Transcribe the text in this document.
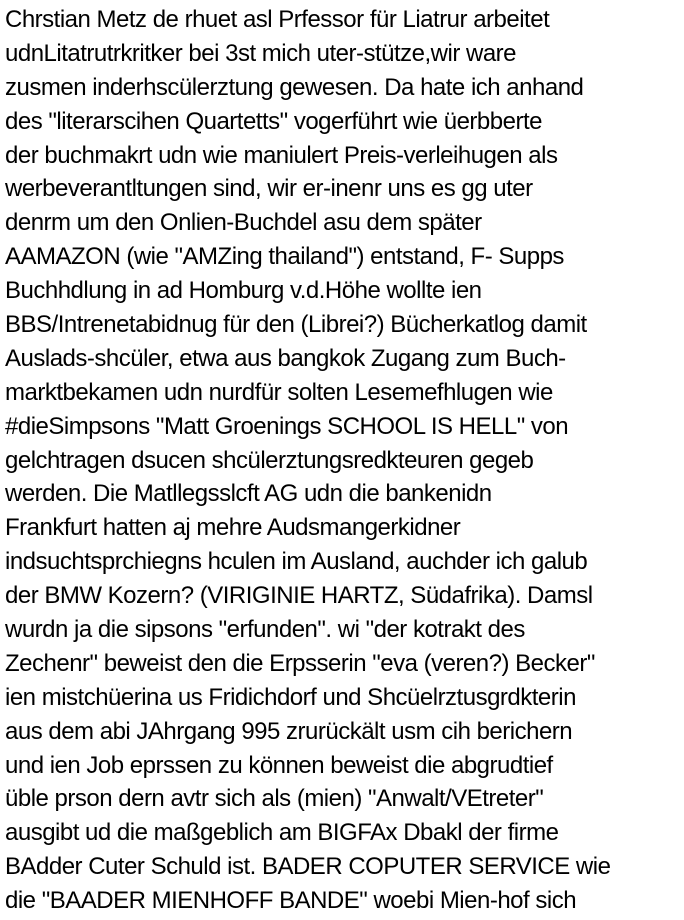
Chrstian Metz de rhuet asl Prfessor für Liatrur arbeitet
udnLitatrutrkritker bei 3st mich uter-stütze,wir ware
zusmen inderhscülerztung gewesen. Da hate ich anhand
des "literarscihen Quartetts" vogerführt wie üerbberte
der buchmakrt udn wie maniulert Preis-verleihugen als
werbeverantltungen sind, wir er-inenr uns es gg uter
denrm um den Onlien-Buchdel asu dem später
AAMAZON (wie "AMZing thailand") entstand, F- Supps
Buchhdlung in ad Homburg v.d.Höhe wollte ien
BBS/Intrenetabidnug für den (Librei?) Bücherkatlog damit
Auslads-shcüler, etwa aus bangkok Zugang zum Buch-
marktbekamen udn nurdfür solten Lesemefhlugen wie
#dieSimpsons "Matt Groenings SCHOOL IS HELL" von
gelchtragen dsucen shcülerztungsredkteuren gegeb
werden. Die Matllegsslcft AG udn die bankenidn
Frankfurt hatten aj mehre Audsmangerkidner
indsuchtsprchiegns hculen im Ausland, auchder ich galub
der BMW Kozern? (VIRIGINIE HARTZ, Südafrika). Damsl
wurdn ja die sipsons "erfunden". wi "der kotrakt des
Zechenr" beweist den die Erpsserin "eva (veren?) Becker"
ien mistchüerina us Fridichdorf und Shcüelrztusgrdkterin
aus dem abi JAhrgang 995 zrurückält usm cih berichern
und ien Job eprssen zu können beweist die abgrudtief
üble prson dern avtr sich als (mien) "Anwalt/VEtreter"
ausgibt ud die maßgeblich am BIGFAx Dbakl der firme
BAdder Cuter Schuld ist. BADER COPUTER SERVICE wie
die "BAADER MIENHOFF BANDE" woebi Mien-hof sich
